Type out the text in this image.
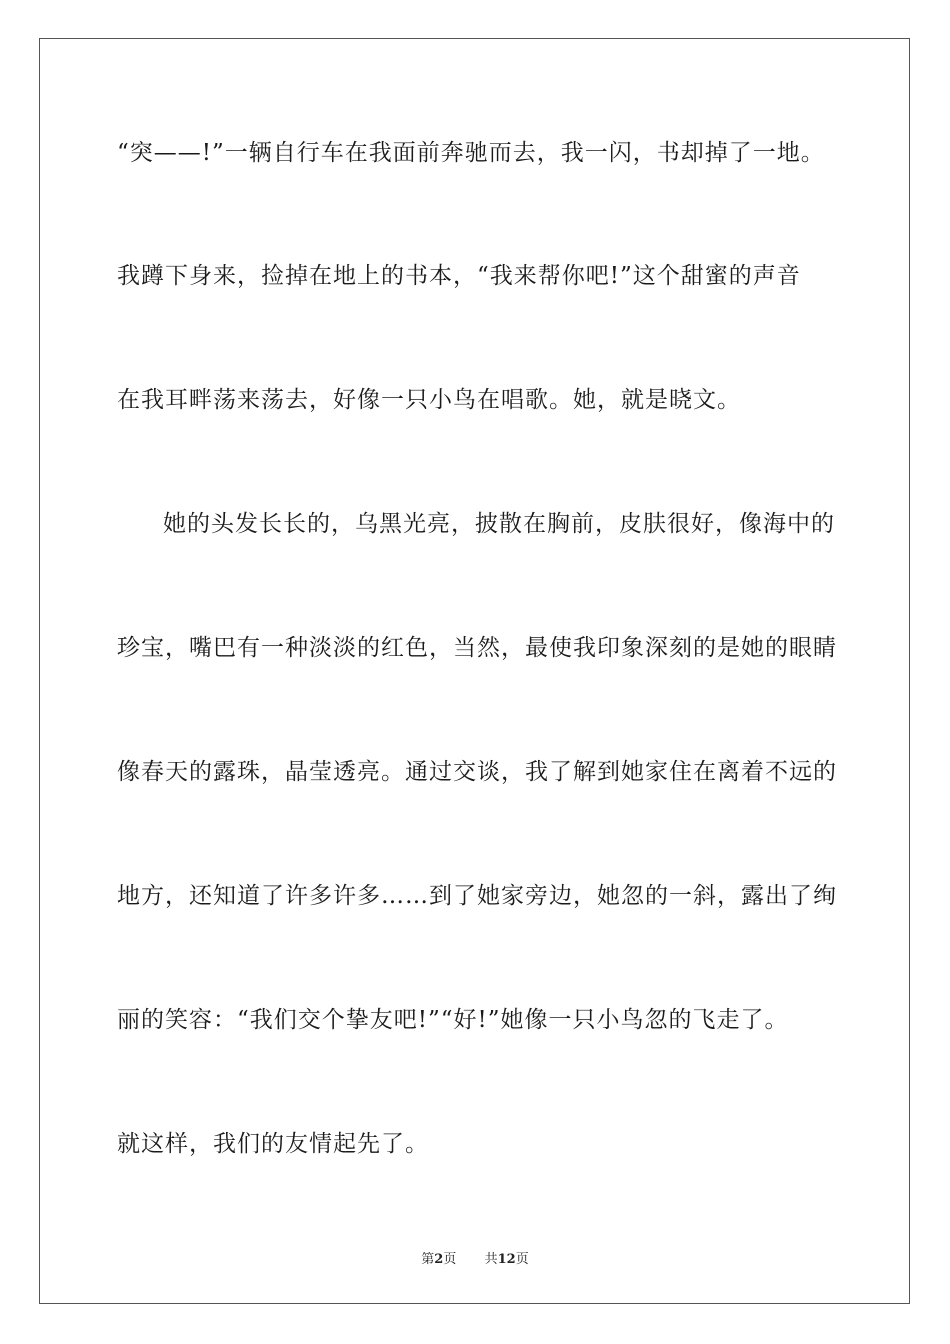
“突——!”一辆自行车在我面前奔驰而去，我一闪，书却掉了一地。
我蹲下身来，捡掉在地上的书本，“我来帮你吧!”这个甜蜜的声音
在我耳畔荡来荡去，好像一只小鸟在唱歌。她，就是晓文。
她的头发长长的，乌黑光亮，披散在胸前，皮肤很好，像海中的
珍宝，嘴巴有一种淡淡的红色，当然，最使我印象深刻的是她的眼睛
像春天的露珠，晶莹透亮。通过交谈，我了解到她家住在离着不远的
地方，还知道了许多许多……到了她家旁边，她忽的一斜，露出了绚
丽的笑容：“我们交个挚友吧!”“好!”她像一只小鸟忽的飞走了。
就这样，我们的友情起先了。
第2页 共12页
